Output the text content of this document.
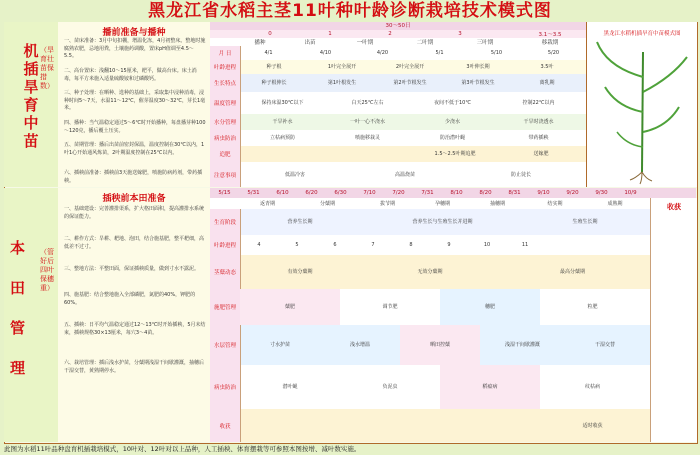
黑龙江省水稻主茎11叶种叶龄诊断栽培技术模式图
机插旱育中苗
（旱育壮苗保措数）
本田管理
（管好后四叶保穗重）
播前准备与播种
一、苗床准备：3月中旬扣棚，增温化冻，4月初整床。整地时施腐熟农肥，忌地用粪，土壤施药调酸，置床pH值调至4.5～5.5。
二、高台置床：浅翻10～15厘米，耙平，做高台床。床土消毒，每平方米施入适量硫酸铵和过磷酸钙。
三、种子处理：在晒种、选种的基础上，采取集中浸种消毒，浸种时间5～7天，水温11～12℃，催芽温度30～32℃，芽长1毫米。
四、播种：当气温稳定通过5～6℃时开始播种，每盘播芽种100～120克，播后覆土压实。
五、苗期管理：播后出苗前密封保温，温度控制在30℃以内，1叶1心开始通风炼苗，2叶期温度控制在25℃以内。
六、插秧前准备：插秧前3天施送嫁肥，喷施防病药剂，带药插秧。
插秧前本田准备
一、基础建设：完善灌排渠系，扩大格田面积，提高灌排水系统的保证能力。
二、耕作方式：旱耕、耙地、泡田，结合施基肥，整平耙细，高低差不过寸。
三、整地方法：平整田面，保证插秧质量，做到寸水不露泥。
四、施基肥：结合整地施入全部磷肥，氮肥的40%，钾肥的60%。
五、插秧：日平均气温稳定通过12～13℃时开始插秧，5月末结束，插秧规格30×13厘米，每穴3～4苗。
六、栽培管理：插后浅水护苗，分蘖期浅湿干间歇灌溉，抽穗后干湿交替，黄熟期停水。
30～50日
0	1	2	3	3.1～3.5
播种	出苗	一叶期	二叶期	三叶期	移栽期
月 日	4/1	4/10	4/20	5/1	5/10	5/20
叶龄进程	种子根	1叶完全展开	2叶完全展开	3叶伸长期	3.5叶
生长特点	种子根伸长	第1叶根发生	第2叶节根发生	第3叶节根发生	离乳期
温度管理	保持床温30℃以下	白天25℃左右	夜间不低于10℃	控制22℃以内
水分管理	干旱补水	一叶一心不浇水	少浇水	干旱时浇透水
病虫防治	立枯病预防	喷施移栽灵	防治潜叶蝇	带药插秧
追肥	1.5～2.5叶期追肥	送嫁肥
注意事项	低温冷害	高温烧苗	防止徒长
黑龙江水稻机插旱育中苗模式图
5/15	5/31	6/10	6/20	6/30	7/10	7/20	7/31	8/10	8/20	8/31	9/10	9/20	9/30	10/9
返青期	分蘖期	拔节期	孕穗期	抽穗期	结实期	成熟期
生育阶段	营养生长期	营养生长与生殖生长并进期	生殖生长期
叶龄进程	4	5	6	7	8	9	10	11
茎蘖动态	有效分蘖期	无效分蘖期	最高分蘖期
施肥管理	蘖肥	调节肥	穗肥	粒肥
水层管理	寸水护苗	浅水增温	晒田控蘖	浅湿干间歇灌溉	干湿交替
病虫防治	潜叶蝇	负泥虫	稻瘟病	纹枯病
收获	适时收获
收获
此图为水稻11叶品种盘育机插栽培模式，10叶对、12叶对以上品种，人工插秧、体育摆栽等可参照本图按增、减叶数实施。
